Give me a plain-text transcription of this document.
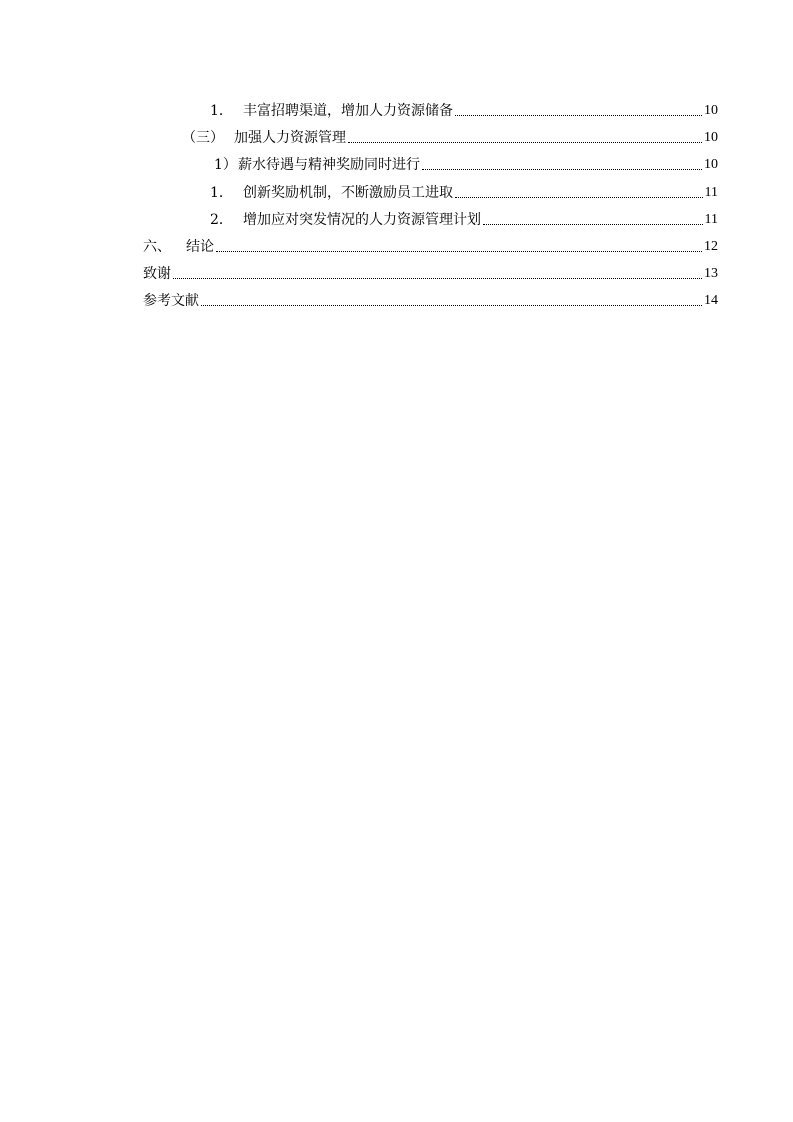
1． 丰富招聘渠道，增加人力资源储备	10
（三） 加强人力资源管理	10
1） 薪水待遇与精神奖励同时进行	10
1． 创新奖励机制，不断激励员工进取	11
2． 增加应对突发情况的人力资源管理计划	11
六、	结论	12
致谢	13
参考文献	14
